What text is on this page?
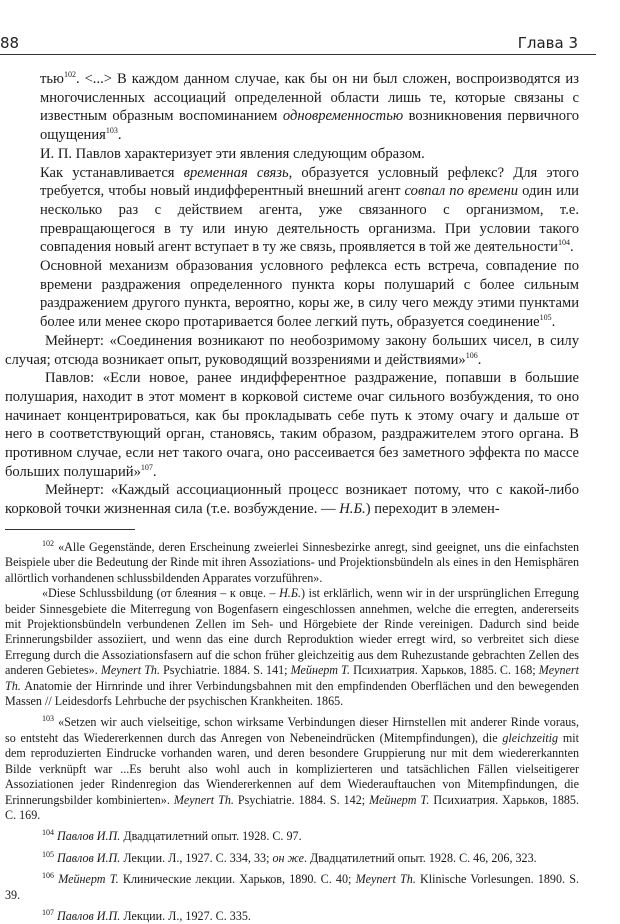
88	Глава 3

тью$^{102}$. <...> В каждом данном случае, как бы он ни был сложен, воспроизводятся из многочисленных ассоциаций определенной области лишь те, которые связаны с известным образным воспоминанием одновременностью возникновения первичного ощущения$^{103}$.

И. П. Павлов характеризует эти явления следующим образом.

Как устанавливается временная связь, образуется условный рефлекс? Для этого требуется, чтобы новый индифферентный внешний агент совпал по времени один или несколько раз с действием агента, уже связанного с организмом, т.е. превращающегося в ту или иную деятельность организма. При условии такого совпадения новый агент вступает в ту же связь, проявляется в той же деятельности$^{104}$.

Основной механизм образования условного рефлекса есть встреча, совпадение по времени раздражения определенного пункта коры полушарий с более сильным раздражением другого пункта, вероятно, коры же, в силу чего между этими пунктами более или менее скоро протаривается более легкий путь, образуется соединение$^{105}$.

Мейнерт: «Соединения возникают по необозримому закону больших чисел, в силу случая; отсюда возникает опыт, руководящий воззрениями и действиями»$^{106}$.

Павлов: «Если новое, ранее индифферентное раздражение, попавши в большие полушария, находит в этот момент в корковой системе очаг сильного возбуждения, то оно начинает концентрироваться, как бы прокладывать себе путь к этому очагу и дальше от него в соответствующий орган, становясь, таким образом, раздражителем этого органа. В противном случае, если нет такого очага, оно рассеивается без заметного эффекта по массе больших полушарий»$^{107}$.

Мейнерт: «Каждый ассоциационный процесс возникает потому, что с какой-либо корковой точки жизненная сила (т.е. возбуждение. — Н.Б.) переходит в элемен-

$^{102}$ «Alle Gegenstände, deren Erscheinung zweierlei Sinnesbezirke anregt, sind geeignet, uns die einfachsten Beispiele uber die Bedeutung der Rinde mit ihren Assoziations- und Projektionsbündeln als eines in den Hemisphären allörtlich vorhandenen schlussbildenden Apparates vorzuführen».

«Diese Schlussbildung (от блеяния – к овце. – Н.Б.) ist erklärlich, wenn wir in der ursprünglichen Erregung beider Sinnesgebiete die Miterregung von Bogenfasern eingeschlossen annehmen, welche die erregten, andererseits mit Projektionsbündeln verbundenen Zellen im Seh- und Hörgebiete der Rinde vereinigen. Dadurch sind beide Erinnerungsbilder assoziiert, und wenn das eine durch Reproduktion wieder erregt wird, so verbreitet sich diese Erregung durch die Assoziationsfasern auf die schon früher gleichzeitig aus dem Ruhezustande gebrachten Zellen des anderen Gebietes». Meynert Th. Psychiatrie. 1884. S. 141; Мейнерт Т. Психиатрия. Харьков, 1885. С. 168; Meynert Th. Anatomie der Hirnrinde und ihrer Verbindungsbahnen mit den empfindenden Oberflächen und den bewegenden Massen // Leidesdorfs Lehrbuche der psychischen Krankheiten. 1865.

$^{103}$ «Setzen wir auch vielseitige, schon wirksame Verbindungen dieser Hirnstellen mit anderer Rinde voraus, so entsteht das Wiedererkennen durch das Anregen von Nebeneindrücken (Mitempfindungen), die gleichzeitig mit dem reproduzierten Eindrucke vorhanden waren, und deren besondere Gruppierung nur mit dem wiedererkannten Bilde verknüpft war ...Es beruht also wohl auch in komplizierteren und tatsächlichen Fällen vielseitigerer Assoziationen jeder Rindenregion das Wiendererkennen auf dem Wiederauftauchen von Mitempfindungen, die Erinnerungsbilder kombinierten». Meynert Th. Psychiatrie. 1884. S. 142; Мейнерт Т. Психиатрия. Харьков, 1885. С. 169.

$^{104}$ Павлов И.П. Двадцатилетний опыт. 1928. С. 97.

$^{105}$ Павлов И.П. Лекции. Л., 1927. С. 334, 33; он же. Двадцатилетний опыт. 1928. С. 46, 206, 323.

$^{106}$ Мейнерт Т. Клинические лекции. Харьков, 1890. С. 40; Meynert Th. Klinische Vorlesungen. 1890. S. 39.

$^{107}$ Павлов И.П. Лекции. Л., 1927. С. 335.
